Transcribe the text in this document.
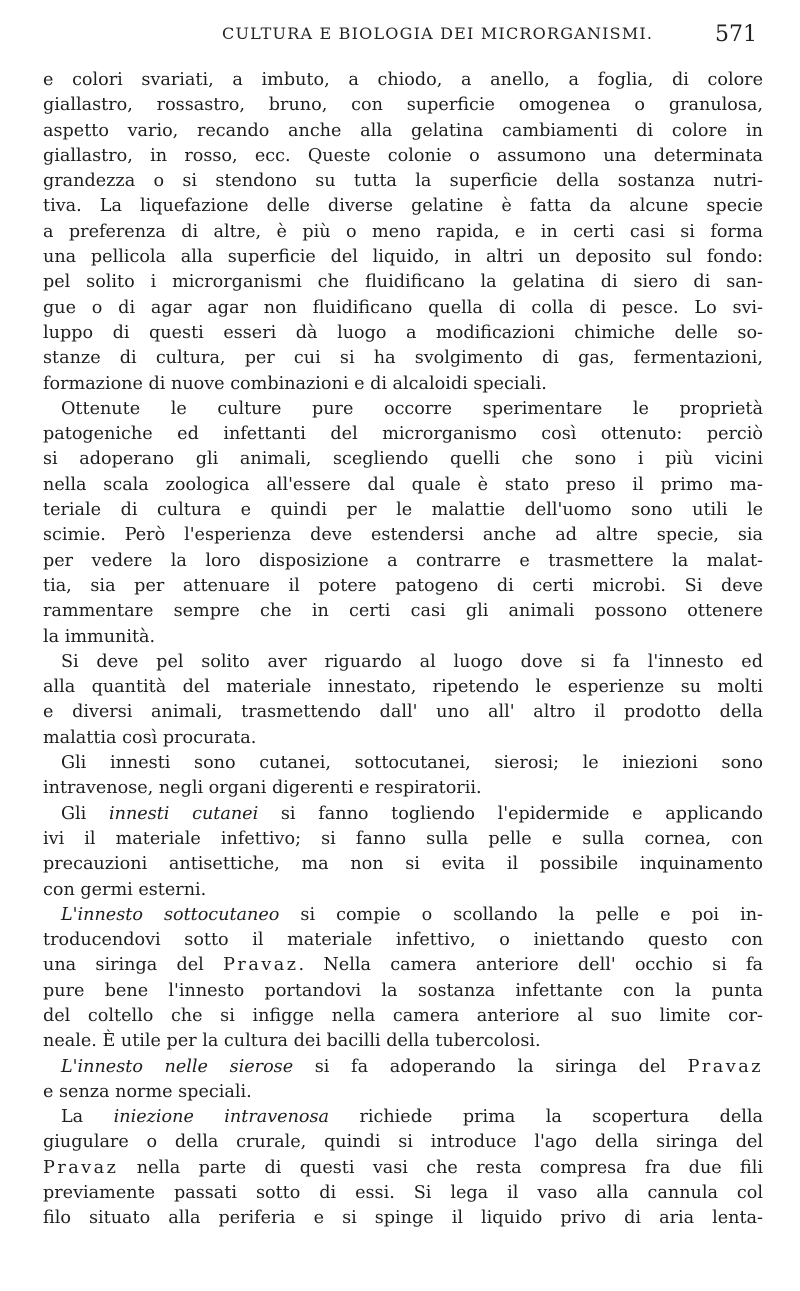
CULTURA E BIOLOGIA DEI MICRORGANISMI.	571
e colori svariati, a imbuto, a chiodo, a anello, a foglia, di colore
giallastro, rossastro, bruno, con superficie omogenea o granulosa,
aspetto vario, recando anche alla gelatina cambiamenti di colore in
giallastro, in rosso, ecc. Queste colonie o assumono una determinata
grandezza o si stendono su tutta la superficie della sostanza nutri-
tiva. La liquefazione delle diverse gelatine è fatta da alcune specie
a preferenza di altre, è più o meno rapida, e in certi casi si forma
una pellicola alla superficie del liquido, in altri un deposito sul fondo:
pel solito i microrganismi che fluidificano la gelatina di siero di san-
gue o di agar agar non fluidificano quella di colla di pesce. Lo svi-
luppo di questi esseri dà luogo a modificazioni chimiche delle so-
stanze di cultura, per cui si ha svolgimento di gas, fermentazioni,
formazione di nuove combinazioni e di alcaloidi speciali.
Ottenute le culture pure occorre sperimentare le proprietà
patogeniche ed infettanti del microrganismo così ottenuto: perciò
si adoperano gli animali, scegliendo quelli che sono i più vicini
nella scala zoologica all'essere dal quale è stato preso il primo ma-
teriale di cultura e quindi per le malattie dell'uomo sono utili le
scimie. Però l'esperienza deve estendersi anche ad altre specie, sia
per vedere la loro disposizione a contrarre e trasmettere la malat-
tia, sia per attenuare il potere patogeno di certi microbi. Si deve
rammentare sempre che in certi casi gli animali possono ottenere
la immunità.
Si deve pel solito aver riguardo al luogo dove si fa l'innesto ed
alla quantità del materiale innestato, ripetendo le esperienze su molti
e diversi animali, trasmettendo dall' uno all' altro il prodotto della
malattia così procurata.
Gli innesti sono cutanei, sottocutanei, sierosi; le iniezioni sono
intravenose, negli organi digerenti e respiratorii.
Gli innesti cutanei si fanno togliendo l'epidermide e applicando
ivi il materiale infettivo; si fanno sulla pelle e sulla cornea, con
precauzioni antisettiche, ma non si evita il possibile inquinamento
con germi esterni.
L'innesto sottocutaneo si compie o scollando la pelle e poi in-
troducendovi sotto il materiale infettivo, o iniettando questo con
una siringa del Pravaz. Nella camera anteriore dell' occhio si fa
pure bene l'innesto portandovi la sostanza infettante con la punta
del coltello che si infigge nella camera anteriore al suo limite cor-
neale. È utile per la cultura dei bacilli della tubercolosi.
L'innesto nelle sierose si fa adoperando la siringa del Pravaz
e senza norme speciali.
La iniezione intravenosa richiede prima la scopertura della
giugulare o della crurale, quindi si introduce l'ago della siringa del
Pravaz nella parte di questi vasi che resta compresa fra due fili
previamente passati sotto di essi. Si lega il vaso alla cannula col
filo situato alla periferia e si spinge il liquido privo di aria lenta-
